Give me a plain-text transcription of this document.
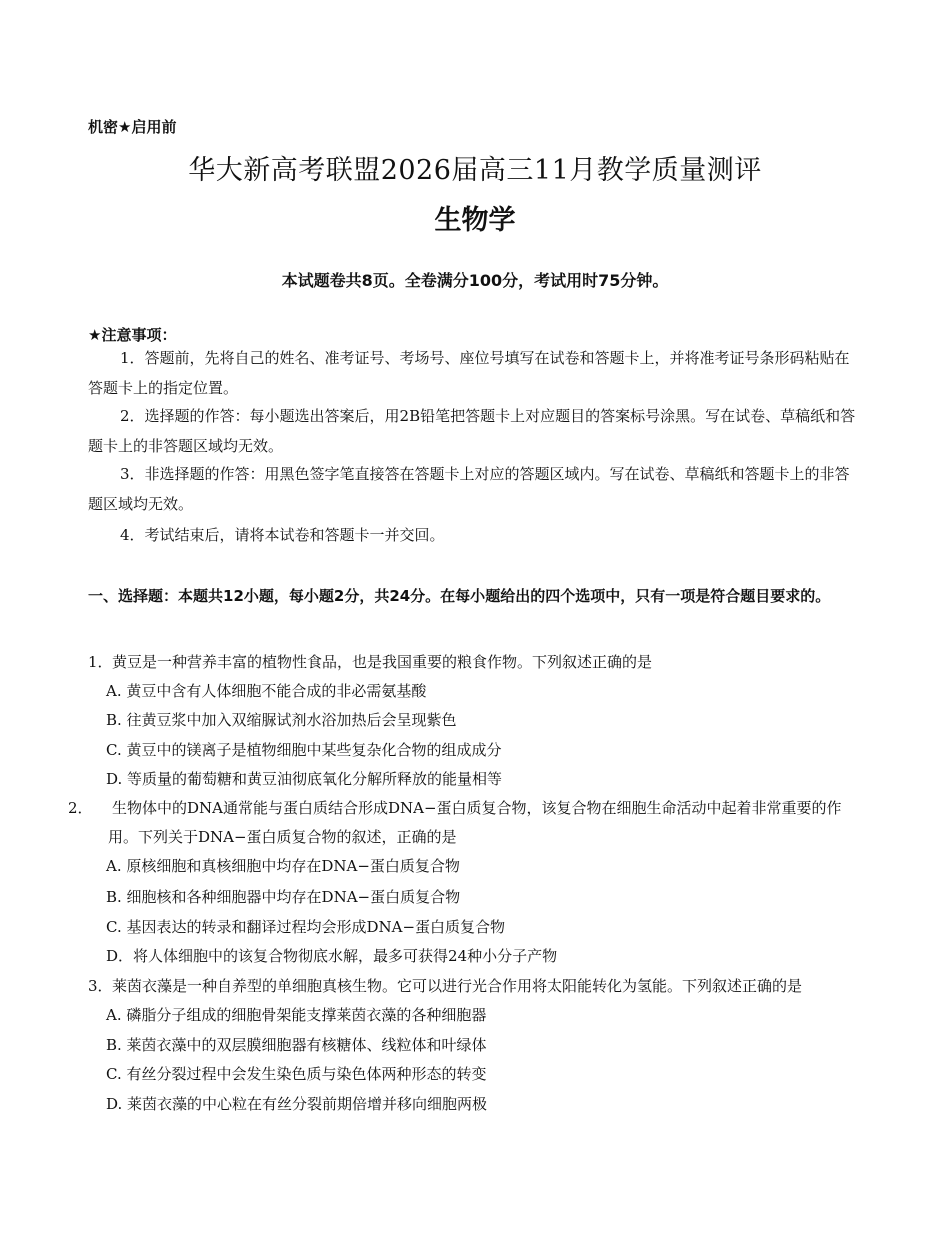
机密★启用前
华大新高考联盟2026届高三11月教学质量测评
生物学
本试题卷共8页。全卷满分100分，考试用时75分钟。
★注意事项：
1．答题前，先将自己的姓名、准考证号、考场号、座位号填写在试卷和答题卡上，并将准考证号条形码粘贴在答题卡上的指定位置。
2．选择题的作答：每小题选出答案后，用2B铅笔把答题卡上对应题目的答案标号涂黑。写在试卷、草稿纸和答题卡上的非答题区域均无效。
3．非选择题的作答：用黑色签字笔直接答在答题卡上对应的答题区域内。写在试卷、草稿纸和答题卡上的非答题区域均无效。
4．考试结束后，请将本试卷和答题卡一并交回。
一、选择题：本题共12小题，每小题2分，共24分。在每小题给出的四个选项中，只有一项是符合题目要求的。
1．黄豆是一种营养丰富的植物性食品，也是我国重要的粮食作物。下列叙述正确的是
A. 黄豆中含有人体细胞不能合成的非必需氨基酸
B. 往黄豆浆中加入双缩脲试剂水浴加热后会呈现紫色
C. 黄豆中的镁离子是植物细胞中某些复杂化合物的组成成分
D. 等质量的葡萄糖和黄豆油彻底氧化分解所释放的能量相等
2． 生物体中的DNA通常能与蛋白质结合形成DNA−蛋白质复合物，该复合物在细胞生命活动中起着非常重要的作用。下列关于DNA−蛋白质复合物的叙述，正确的是
A. 原核细胞和真核细胞中均存在DNA−蛋白质复合物
B. 细胞核和各种细胞器中均存在DNA−蛋白质复合物
C. 基因表达的转录和翻译过程均会形成DNA−蛋白质复合物
D．将人体细胞中的该复合物彻底水解，最多可获得24种小分子产物
3．莱茵衣藻是一种自养型的单细胞真核生物。它可以进行光合作用将太阳能转化为氢能。下列叙述正确的是
A. 磷脂分子组成的细胞骨架能支撑莱茵衣藻的各种细胞器
B. 莱茵衣藻中的双层膜细胞器有核糖体、线粒体和叶绿体
C. 有丝分裂过程中会发生染色质与染色体两种形态的转变
D. 莱茵衣藻的中心粒在有丝分裂前期倍增并移向细胞两极
